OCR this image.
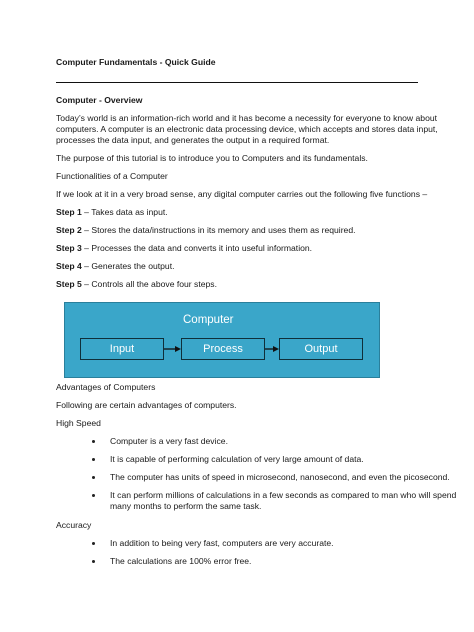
Computer Fundamentals - Quick Guide
Computer - Overview
Today’s world is an information-rich world and it has become a necessity for everyone to know about
computers. A computer is an electronic data processing device, which accepts and stores data input,
processes the data input, and generates the output in a required format.
The purpose of this tutorial is to introduce you to Computers and its fundamentals.
Functionalities of a Computer
If we look at it in a very broad sense, any digital computer carries out the following five functions –
Step 1 – Takes data as input.
Step 2 – Stores the data/instructions in its memory and uses them as required.
Step 3 – Processes the data and converts it into useful information.
Step 4 – Generates the output.
Step 5 – Controls all the above four steps.
Computer
Input	Process	Output
Advantages of Computers
Following are certain advantages of computers.
High Speed
Computer is a very fast device.
It is capable of performing calculation of very large amount of data.
The computer has units of speed in microsecond, nanosecond, and even the picosecond.
It can perform millions of calculations in a few seconds as compared to man who will spend
many months to perform the same task.
Accuracy
In addition to being very fast, computers are very accurate.
The calculations are 100% error free.
